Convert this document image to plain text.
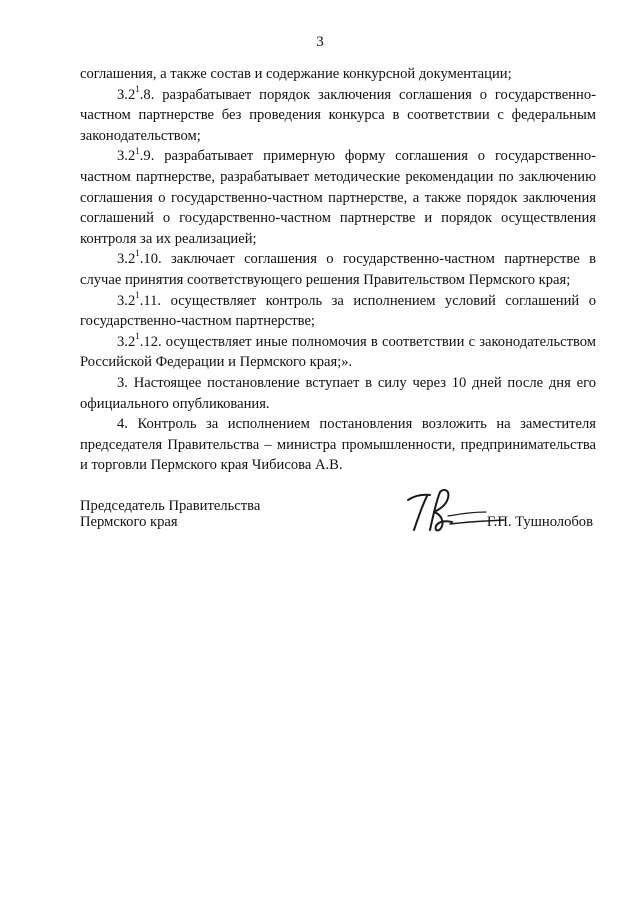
3

соглашения, а также состав и содержание конкурсной документации;

$3.2^1.8$. разрабатывает порядок заключения соглашения о государственно-частном партнерстве без проведения конкурса в соответствии с федеральным законодательством;

$3.2^1.9$. разрабатывает примерную форму соглашения о государственно-частном партнерстве, разрабатывает методические рекомендации по заключению соглашения о государственно-частном партнерстве, а также порядок заключения соглашений о государственно-частном партнерстве и порядок осуществления контроля за их реализацией;

$3.2^1.10$. заключает соглашения о государственно-частном партнерстве в случае принятия соответствующего решения Правительством Пермского края;

$3.2^1.11$. осуществляет контроль за исполнением условий соглашений о государственно-частном партнерстве;

$3.2^1.12$. осуществляет иные полномочия в соответствии с законодательством Российской Федерации и Пермского края;».

3. Настоящее постановление вступает в силу через 10 дней после дня его официального опубликования.

4. Контроль за исполнением постановления возложить на заместителя председателя Правительства – министра промышленности, предпринимательства и торговли Пермского края Чибисова А.В.

Председатель Правительства
Пермского края	Г.П. Тушнолобов
